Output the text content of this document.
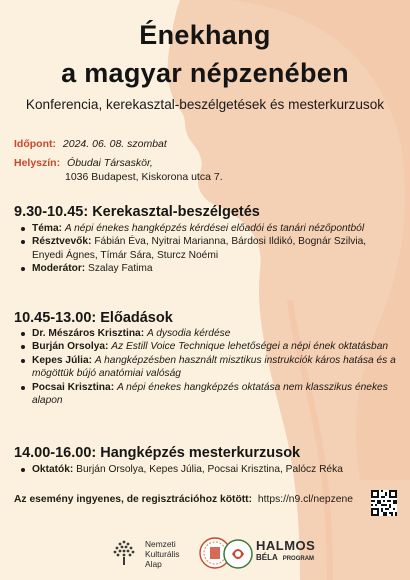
Énekhang
a magyar népzenében
Konferencia, kerekasztal-beszélgetések és mesterkurzusok
Időpont: 2024. 06. 08. szombat
Helyszín: Óbudai Társaskör,
1036 Budapest, Kiskorona utca 7.
9.30-10.45: Kerekasztal-beszélgetés
Téma: A népi énekes hangképzés kérdései előadói és tanári nézőpontból
Résztvevők: Fábián Éva, Nyitrai Marianna, Bárdosi Ildikó, Bognár Szilvia, Enyedi Ágnes, Tímár Sára, Sturcz Noémi
Moderátor: Szalay Fatima
10.45-13.00: Előadások
Dr. Mészáros Krisztina: A dysodia kérdése
Burján Orsolya: Az Estill Voice Technique lehetőségei a népi ének oktatásban
Kepes Júlia: A hangképzésben használt misztikus instrukciók káros hatása és a mögöttük bújó anatómiai valóság
Pocsai Krisztina: A népi énekes hangképzés oktatása nem klasszikus énekes alapon
14.00-16.00: Hangképzés mesterkurzusok
Oktatók: Burján Orsolya, Kepes Júlia, Pocsai Krisztina, Palócz Réka
Az esemény ingyenes, de regisztrációhoz kötött: https://n9.cl/nepzene
Nemzeti
Kulturális
Alap
HALMOS
BÉLA PROGRAM
